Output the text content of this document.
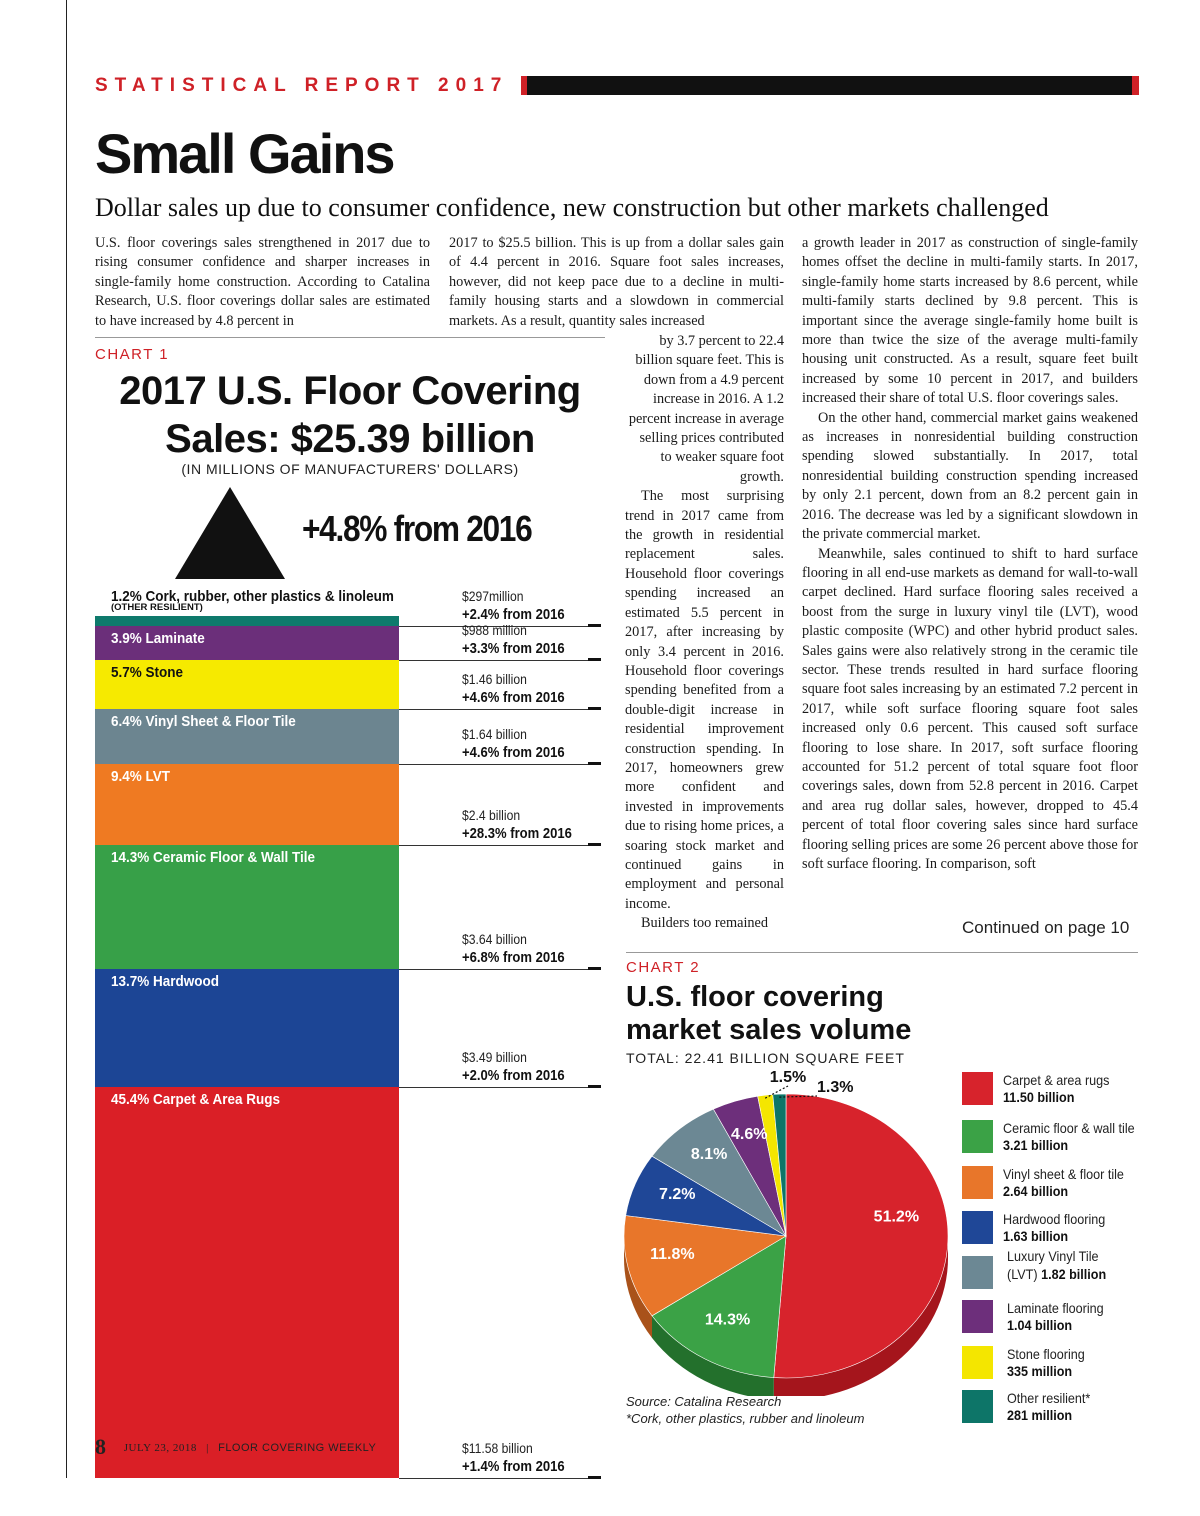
STATISTICAL REPORT 2017
Small Gains
Dollar sales up due to consumer confidence, new construction but other markets challenged

U.S. floor coverings sales strengthened in 2017 due to rising consumer confidence and sharper increases in single-family home construction. According to Catalina Research, U.S. floor coverings dollar sales are estimated to have increased by 4.8 percent in

2017 to $25.5 billion. This is up from a dollar sales gain of 4.4 percent in 2016. Square foot sales increases, however, did not keep pace due to a decline in multi-family housing starts and a slowdown in commercial markets. As a result, quantity sales increased

by 3.7 percent to 22.4 billion square feet. This is down from a 4.9 percent increase in 2016. A 1.2 percent increase in average selling prices contributed to weaker square foot growth.

The most surprising trend in 2017 came from the growth in residential replacement sales. Household floor coverings spending increased an estimated 5.5 percent in 2017, after increasing by only 3.4 percent in 2016. Household floor coverings spending benefited from a double-digit increase in residential improvement construction spending. In 2017, homeowners grew more confident and invested in improvements due to rising home prices, a soaring stock market and continued gains in employment and personal income.

Builders too remained

a growth leader in 2017 as construction of single-family homes offset the decline in multi-family starts. In 2017, single-family home starts increased by 8.6 percent, while multi-family starts declined by 9.8 percent. This is important since the average single-family home built is more than twice the size of the average multi-family housing unit constructed. As a result, square feet built increased by some 10 percent in 2017, and builders increased their share of total U.S. floor coverings sales.

On the other hand, commercial market gains weakened as increases in nonresidential building construction spending slowed substantially. In 2017, total nonresidential building construction spending increased by only 2.1 percent, down from an 8.2 percent gain in 2016. The decrease was led by a significant slowdown in the private commercial market.

Meanwhile, sales continued to shift to hard surface flooring in all end-use markets as demand for wall-to-wall carpet declined. Hard surface flooring sales received a boost from the surge in luxury vinyl tile (LVT), wood plastic composite (WPC) and other hybrid product sales. Sales gains were also relatively strong in the ceramic tile sector. These trends resulted in hard surface flooring square foot sales increasing by an estimated 7.2 percent in 2017, while soft surface flooring square foot sales increased only 0.6 percent. This caused soft surface flooring to lose share. In 2017, soft surface flooring accounted for 51.2 percent of total square foot floor coverings sales, down from 52.8 percent in 2016. Carpet and area rug dollar sales, however, dropped to 45.4 percent of total floor covering sales since hard surface flooring selling prices are some 26 percent above those for soft surface flooring. In comparison, soft

Continued on page 10
CHART 1
2017 U.S. Floor Covering
Sales: $25.39 billion
(IN MILLIONS OF MANUFACTURERS' DOLLARS)
+4.8% from 2016
1.2% Cork, rubber, other plastics & linoleum
+2.4% from 2016
$297million
3.9% Laminate
+3.3% from 2016
$988 million
5.7% Stone
+4.6% from 2016
$1.46 billion
6.4% Vinyl Sheet & Floor Tile
+4.6% from 2016
$1.64 billion
9.4% LVT
+28.3% from 2016
$2.4 billion
14.3% Ceramic Floor & Wall Tile
+6.8% from 2016
$3.64 billion
13.7% Hardwood
+2.0% from 2016
$3.49 billion
45.4% Carpet & Area Rugs
+1.4% from 2016
$11.58 billion
(OTHER RESILIENT)
CHART 2
U.S. floor covering
market sales volume
TOTAL: 22.41 BILLION SQUARE FEET
51.2%
14.3%
11.8%
7.2%
8.1%
4.6%
1.5%
1.3%	Carpet & area rugs
11.50 billion
Ceramic floor & wall tile
3.21 billion
Vinyl sheet & floor tile
2.64 billion
Hardwood flooring
1.63 billion
Luxury Vinyl Tile
(LVT) 1.82 billion
Laminate flooring
1.04 billion
Stone flooring
335 million
Other resilient*
281 million
Source: Catalina Research
*Cork, other plastics, rubber and linoleum
8 JULY 23, 2018 | FLOOR COVERING WEEKLY
